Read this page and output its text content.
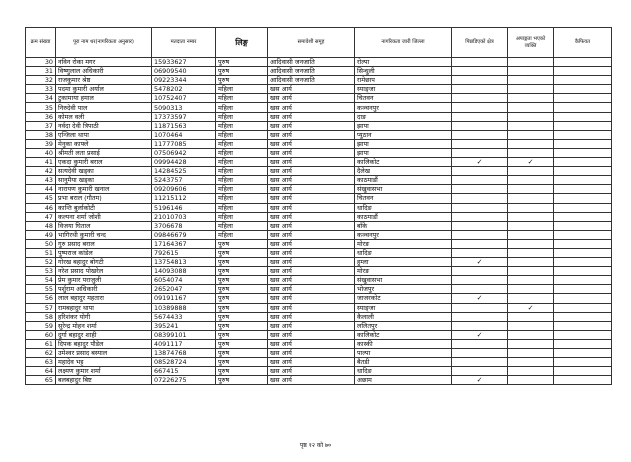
क्रम संख्या	पूरा नाम थर(नागरिकता अनुसार)	मतदाता नम्बर	लिङ्ग	समावेशी समूह	नागरिकता जारी जिल्ला	पिछडिएको क्षेत्र	अपाङ्गता भएको व्यक्ति	कैफियत
30	नविन रोका मगर	15933627	पुरुष	आदिवासी जनजाति	रोल्पा			
31	विष्णुलाल अधिकारी	06909540	पुरुष	आदिवासी जनजाति	सिन्धुली			
32	राजकुमार श्रेष्ठ	09223344	पुरुष	आदिवासी जनजाति	रामेछाप			
33	पदमा कुमारी अर्याल	5478202	महिला	खस आर्य	स्याङ्जा			
34	टुकामाया हमाल	10752407	महिला	खस आर्य	चितवन			
35	निरुदेवी पाल	5090313	महिला	खस आर्य	कञ्चनपुर			
36	कोमल वली	17373597	महिला	खस आर्य	दाङ			
37	नर्वदा देवी त्रिपाठी	11871563	महिला	खस आर्य	झापा			
38	एन्जिला थापा	1070464	महिला	खस आर्य	प्युठान			
39	मेनुका काफ्ले	11777085	महिला	खस आर्य	झापा			
40	श्रीमती लता प्रसाई	07506942	महिला	खस आर्य	झापा			
41	एकदा कुमारी बराल	09994428	महिला	खस आर्य	कालिकोट	✓	✓	
42	सत्यदेवी खड्का	14284525	महिला	खस आर्य	दैलेख			
43	सानुमैया खड्का	5243757	महिला	खस आर्य	काठमाडौं			
44	नारायण कुमारी खनाल	09209606	महिला	खस आर्य	संखुवासभा			
45	प्रभा बराल (गौतम)	11215112	महिला	खस आर्य	चितवन			
46	कान्ति बुर्लाकोटी	5196146	महिला	खस आर्य	धादिङ			
47	कल्पना शर्मा जोशी	21010703	महिला	खस आर्य	काठमाडौं			
48	विजया घिताल	3706678	महिला	खस आर्य	बाँके			
49	भागिरथी कुमारी चन्द	09846679	महिला	खस आर्य	कञ्चनपुर			
50	गुरु प्रसाद बराल	17164367	पुरुष	खस आर्य	मोरङ			
51	पुष्पराज कांडेल	792615	पुरुष	खस आर्य	धादिङ			
52	गोरख बहादुर बोगटी	13754813	पुरुष	खस आर्य	हुम्ला	✓		
53	नरेश प्रसाद पोखरेल	14093088	पुरुष	खस आर्य	मोरङ			
54	प्रेम कुमार पराजुली	6054074	पुरुष	खस आर्य	संखुवासभा			
55	पर्शुराम अधिकारी	2652047	पुरुष	खस आर्य	भोजपुर			
56	लाल बहादुर महतारा	09191167	पुरुष	खस आर्य	जाजरकोट	✓		
57	रामबहादुर थापा	10389888	पुरुष	खस आर्य	स्याङ्जा		✓	
58	हरिशंकर योगी	5674433	पुरुष	खस आर्य	कैलाली			
59	सुरेन्द्र मोहन शर्मा	395241	पुरुष	खस आर्य	ललितपुर			
60	दुर्गा बहादुर शाही	08399101	पुरुष	खस आर्य	कालिकोट	✓		
61	दिपक बहादुर पौडेल	4091117	पुरुष	खस आर्य	कास्की			
62	उमेश्वर प्रसाद बस्याल	13874768	पुरुष	खस आर्य	पाल्पा			
63	महादेव भट्ट	08528724	पुरुष	खस आर्य	बैतडी			
64	लक्ष्मण कुमार शर्मा	667415	पुरुष	खस आर्य	धादिङ			
65	बलबहादुर बिष्ट	07226275	पुरुष	खस आर्य	अछाम	✓		
पृष्ठ १२ को ७०
